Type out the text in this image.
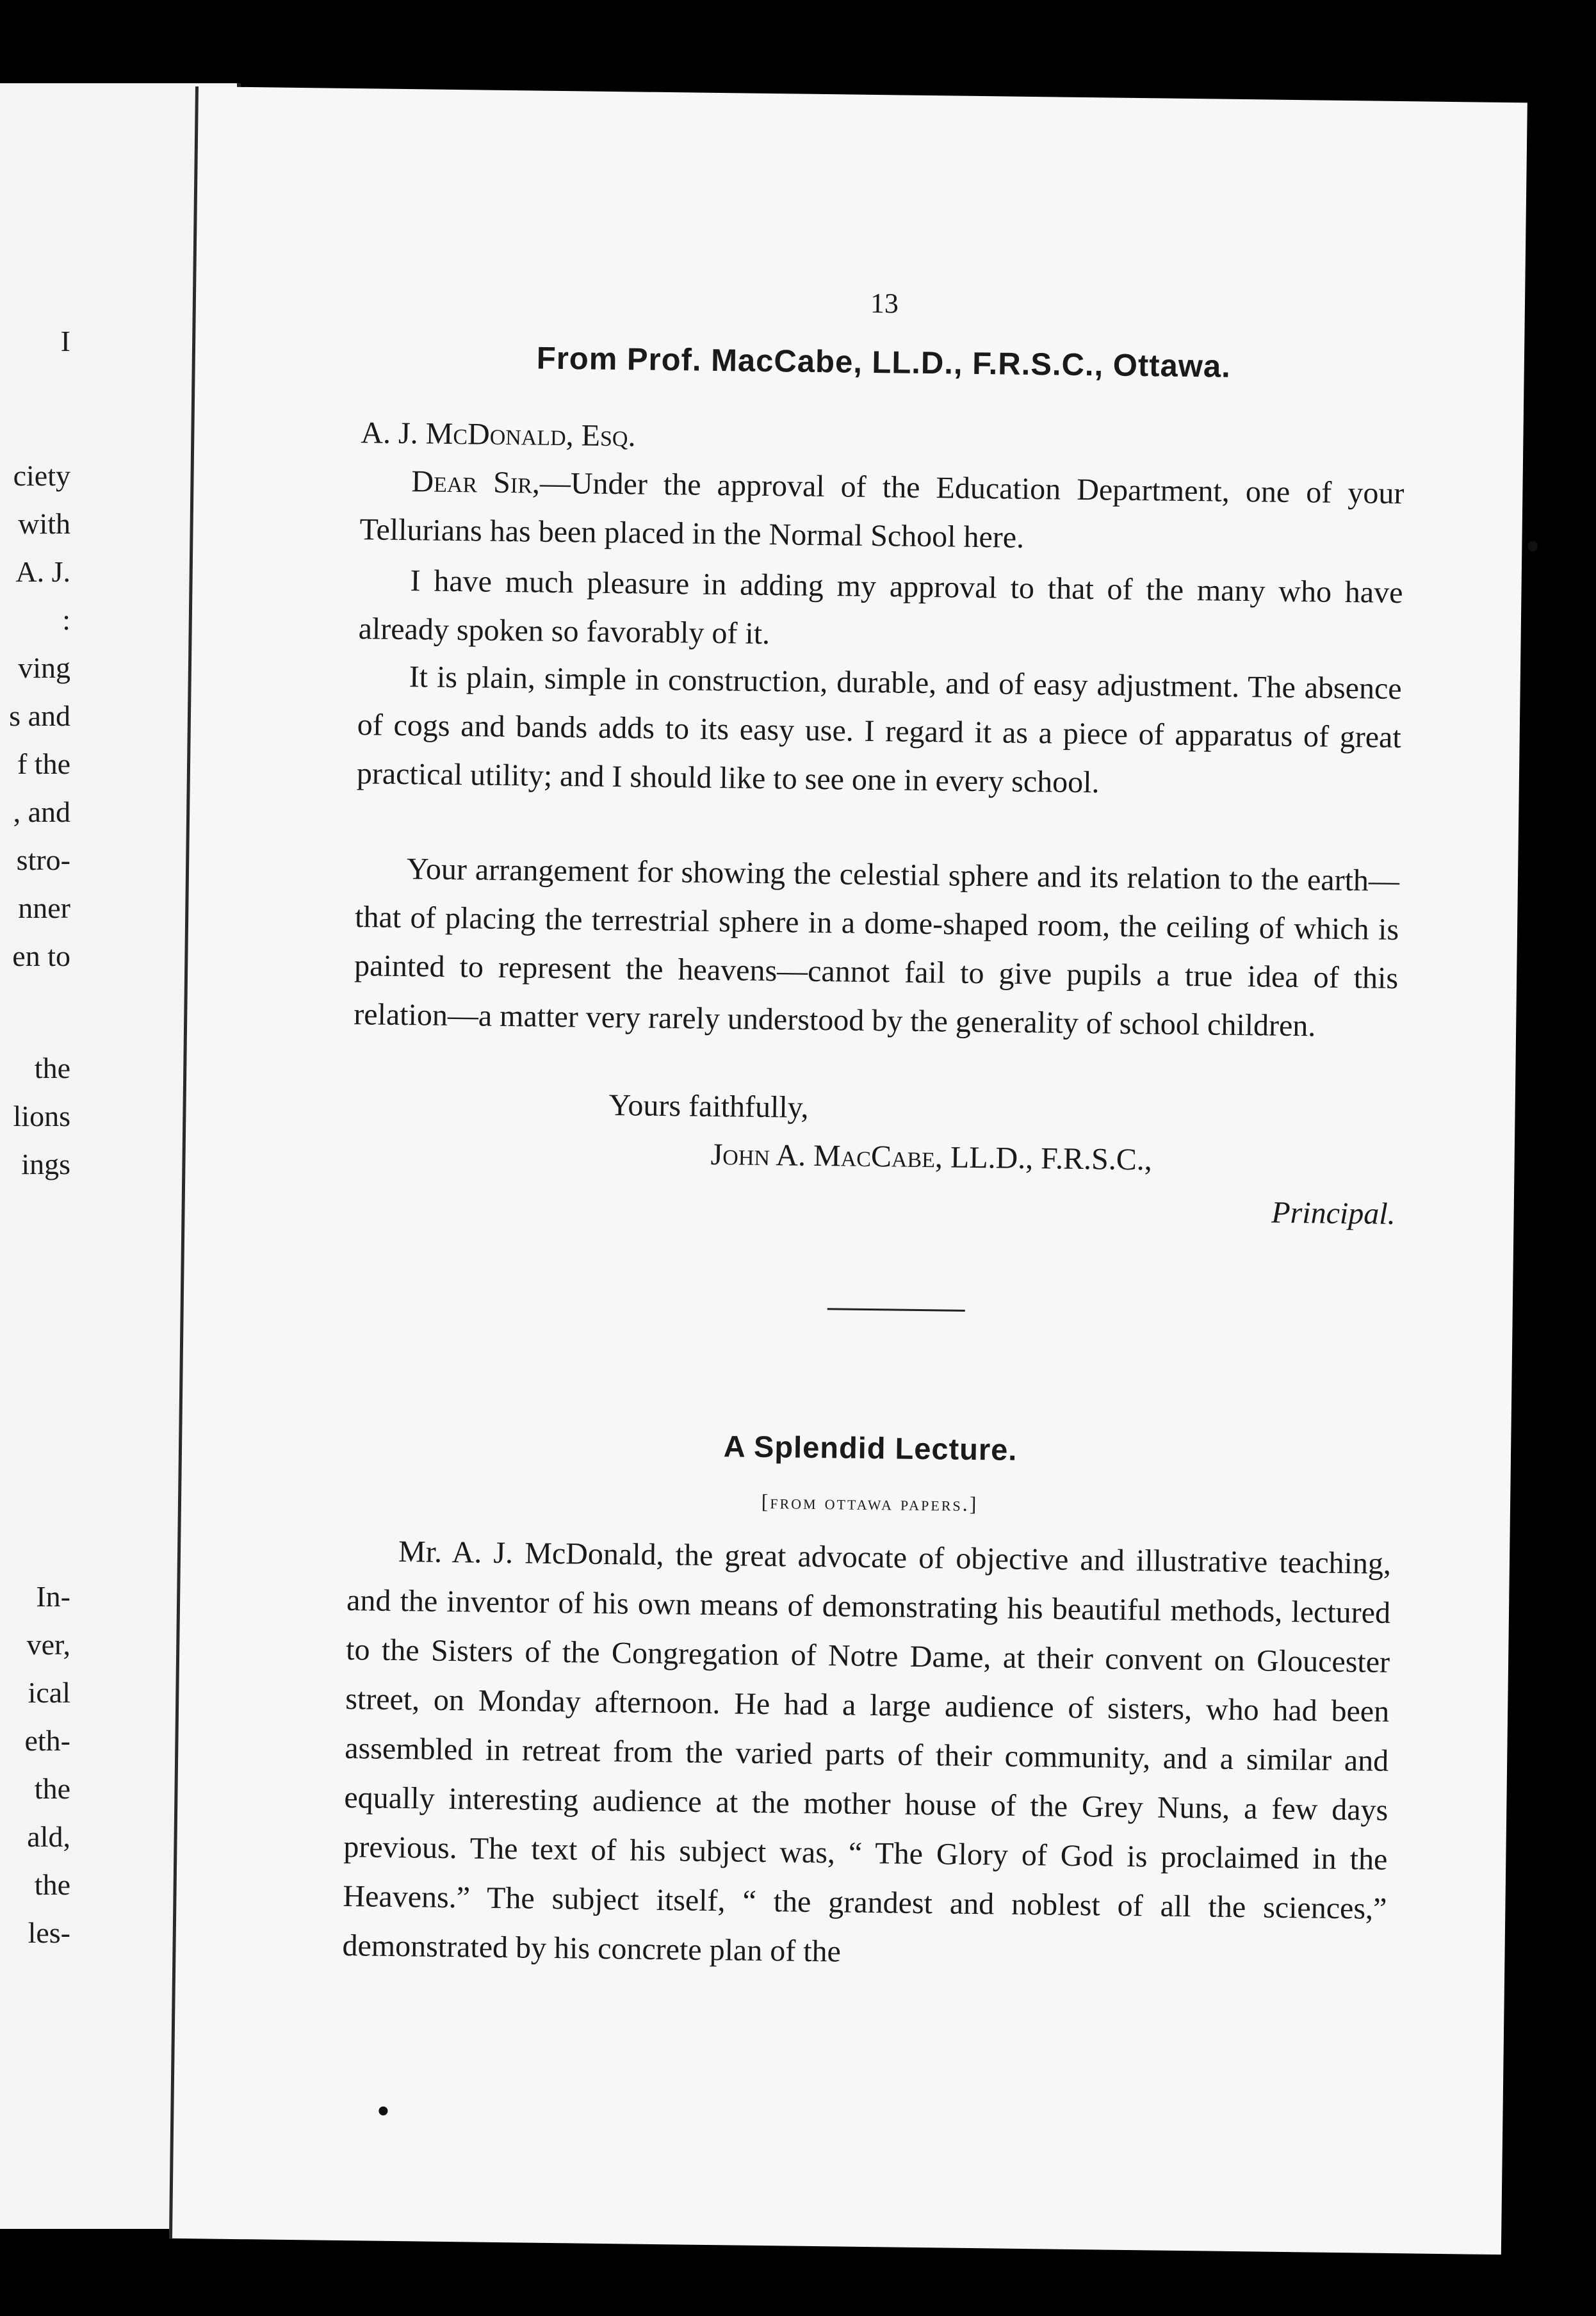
I
ciety
with
A. J.
:
ving
s and
f the
, and
stro-
nner
en to
the
lions
ings
In-
ver,
ical
eth-
the
ald,
the
les-
13
From Prof. MacCabe, LL.D., F.R.S.C., Ottawa.
A. J. McDonald, Esq.
Dear Sir,—Under the approval of the Education Department, one of your Tellurians has been placed in the Normal School here.
I have much pleasure in adding my approval to that of the many who have already spoken so favorably of it.
It is plain, simple in construction, durable, and of easy adjustment. The absence of cogs and bands adds to its easy use. I regard it as a piece of apparatus of great practical utility; and I should like to see one in every school.
Your arrangement for showing the celestial sphere and its relation to the earth—that of placing the terrestrial sphere in a dome-shaped room, the ceiling of which is painted to represent the heavens—cannot fail to give pupils a true idea of this relation—a matter very rarely understood by the generality of school children.
Yours faithfully,
John A. MacCabe, LL.D., F.R.S.C.,
Principal.
A Splendid Lecture.
[from ottawa papers.]
Mr. A. J. McDonald, the great advocate of objective and illustrative teaching, and the inventor of his own means of demonstrating his beautiful methods, lectured to the Sisters of the Congregation of Notre Dame, at their convent on Gloucester street, on Monday afternoon. He had a large audience of sisters, who had been assembled in retreat from the varied parts of their community, and a similar and equally interesting audience at the mother house of the Grey Nuns, a few days previous. The text of his subject was, “ The Glory of God is proclaimed in the Heavens.” The subject itself, “ the grandest and noblest of all the sciences,” demonstrated by his concrete plan of the
